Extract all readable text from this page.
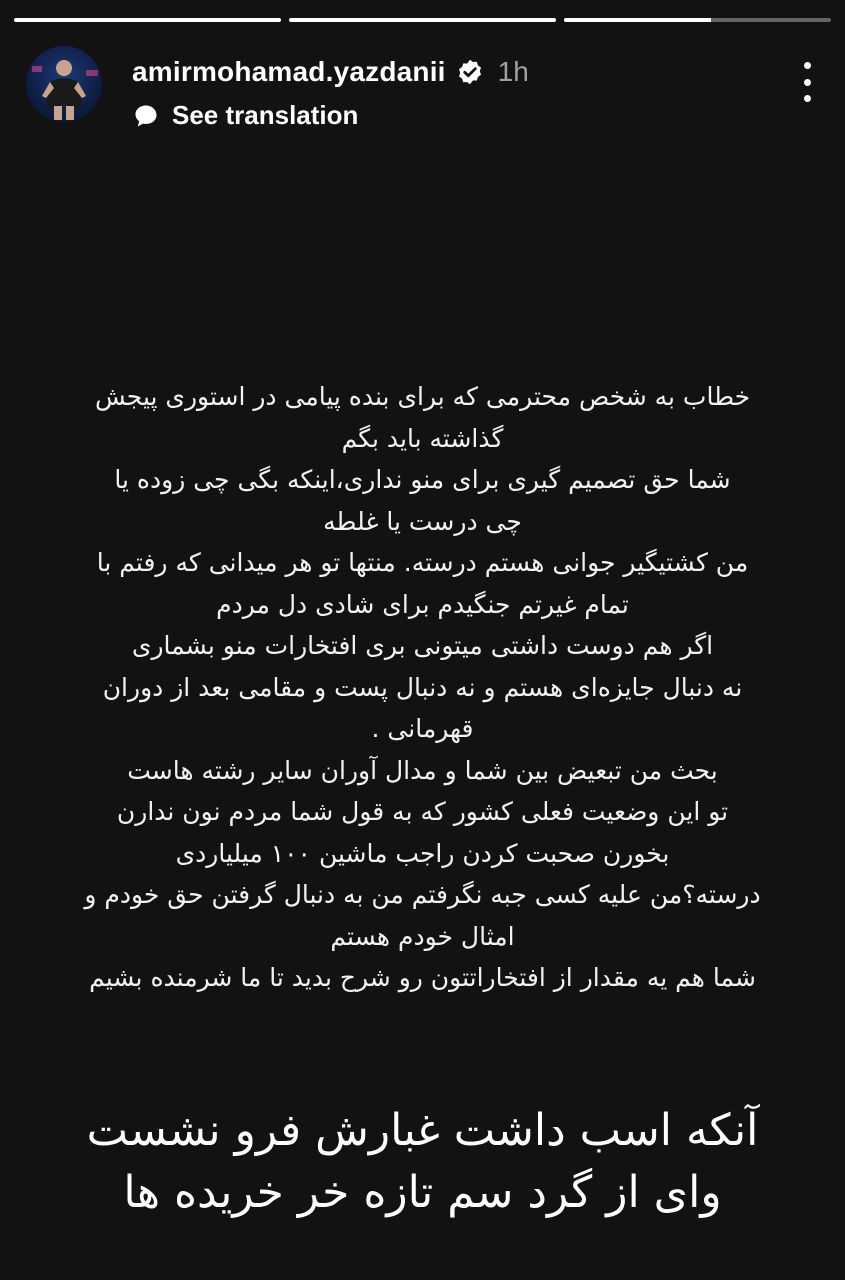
amirmohamad.yazdanii 1h
See translation
خطاب به شخص محترمی که برای بنده پیامی در استوری پیجش
گذاشته باید بگم
شما حق تصمیم گیری برای منو نداری،اینکه بگی چی زوده یا
چی درست یا غلطه
من کشتیگیر جوانی هستم درسته. منتها تو هر میدانی که رفتم با
تمام غیرتم جنگیدم برای شادی دل مردم
اگر هم دوست داشتی میتونی بری افتخارات منو بشماری
نه دنبال جایزه‌ای هستم و نه دنبال پست و مقامی بعد از دوران
قهرمانی .
بحث من تبعیض بین شما و مدال آوران سایر رشته هاست
تو این وضعیت فعلی کشور که به قول شما مردم نون ندارن
بخورن صحبت کردن راجب ماشین ۱۰۰ میلیاردی
درسته؟من علیه کسی جبه نگرفتم من به دنبال گرفتن حق خودم و
امثال خودم هستم
شما هم یه مقدار از افتخاراتتون رو شرح بدید تا ما شرمنده بشیم
آنکه اسب داشت غبارش فرو نشست
وای از گرد سم تازه خر خریده ها
